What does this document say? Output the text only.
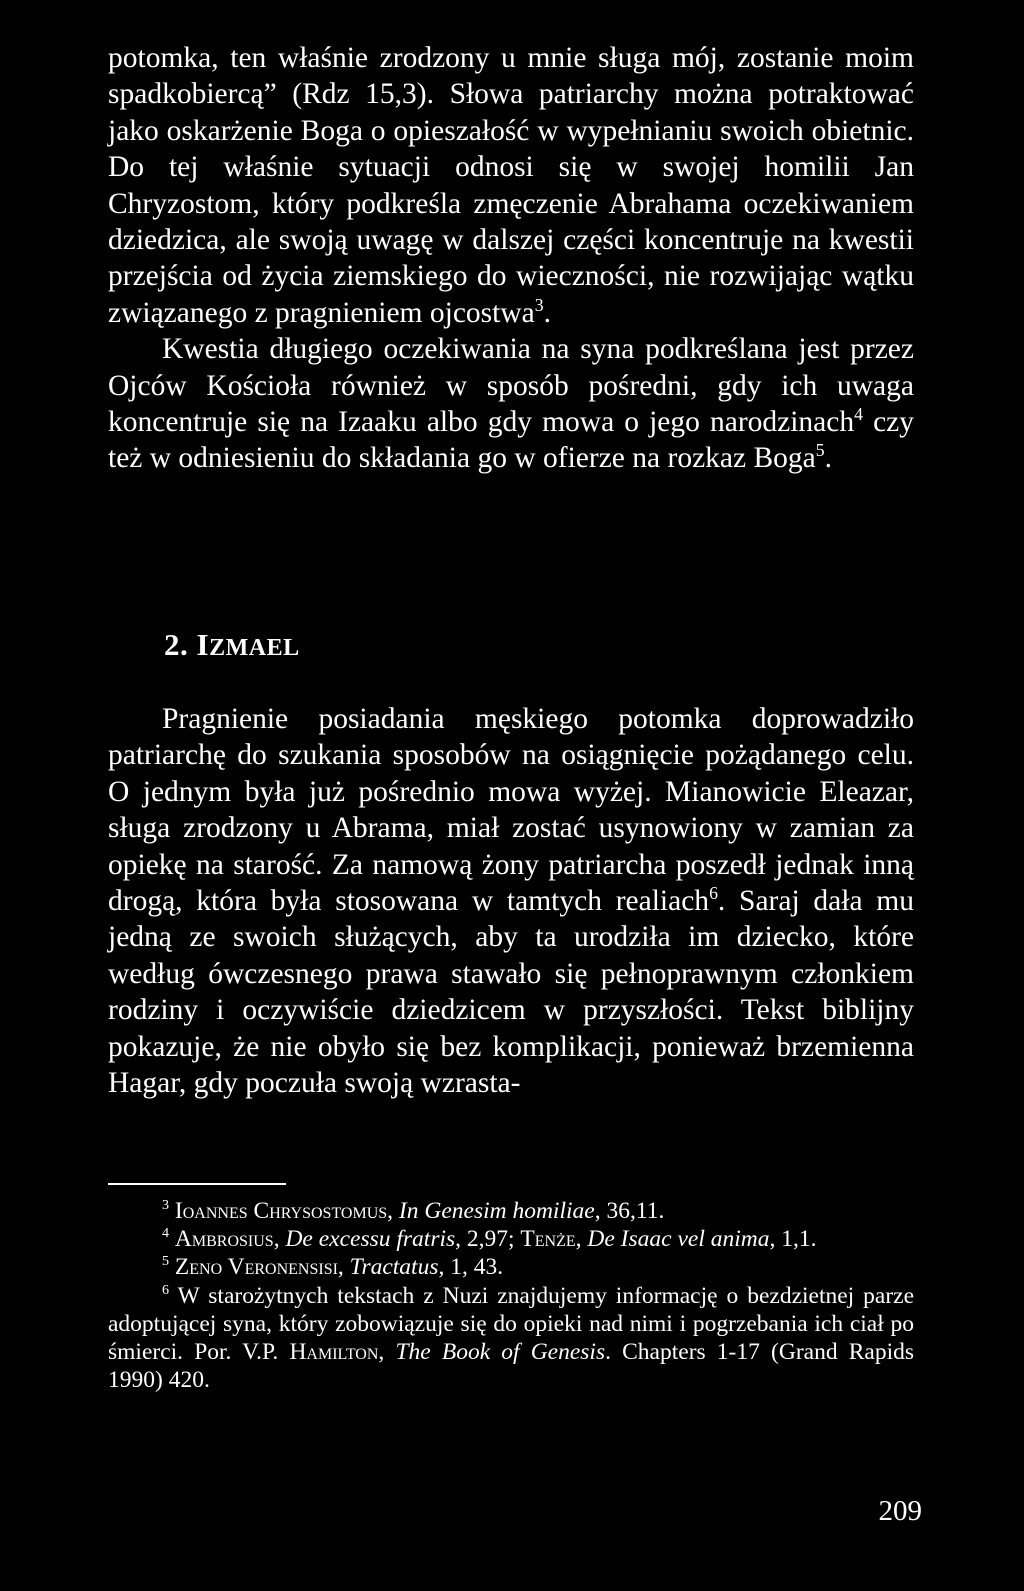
potomka, ten właśnie zrodzony u mnie sługa mój, zostanie moim spadkobiercą” (Rdz 15,3). Słowa patriarchy można potraktować jako oskarżenie Boga o opieszałość w wypełnianiu swoich obietnic. Do tej właśnie sytuacji odnosi się w swojej homilii Jan Chryzostom, który podkreśla zmęczenie Abrahama oczekiwaniem dziedzica, ale swoją uwagę w dalszej części koncentruje na kwestii przejścia od życia ziemskiego do wieczności, nie rozwijając wątku związanego z pragnieniem ojcostwa$^3$.

Kwestia długiego oczekiwania na syna podkreślana jest przez Ojców Kościoła również w sposób pośredni, gdy ich uwaga koncentruje się na Izaaku albo gdy mowa o jego narodzinach$^4$ czy też w odniesieniu do składania go w ofierze na rozkaz Boga$^5$.

2. IZMAEL

Pragnienie posiadania męskiego potomka doprowadziło patriarchę do szukania sposobów na osiągnięcie pożądanego celu. O jednym była już pośrednio mowa wyżej. Mianowicie Eleazar, sługa zrodzony u Abrama, miał zostać usynowiony w zamian za opiekę na starość. Za namową żony patriarcha poszedł jednak inną drogą, która była stosowana w tamtych realiach$^6$. Saraj dała mu jedną ze swoich służących, aby ta urodziła im dziecko, które według ówczesnego prawa stawało się pełnoprawnym członkiem rodziny i oczywiście dziedzicem w przyszłości. Tekst biblijny pokazuje, że nie obyło się bez komplikacji, ponieważ brzemienna Hagar, gdy poczuła swoją wzrasta-

$^3$ Ioannes Chrysostomus, In Genesim homiliae, 36,11.

$^4$ Ambrosius, De excessu fratris, 2,97; Tenże, De Isaac vel anima, 1,1.

$^5$ Zeno Veronensisi, Tractatus, 1, 43.

$^6$ W starożytnych tekstach z Nuzi znajdujemy informację o bezdzietnej parze adoptującej syna, który zobowiązuje się do opieki nad nimi i pogrzebania ich ciał po śmierci. Por. V.P. Hamilton, The Book of Genesis. Chapters 1-17 (Grand Rapids 1990) 420.

209
